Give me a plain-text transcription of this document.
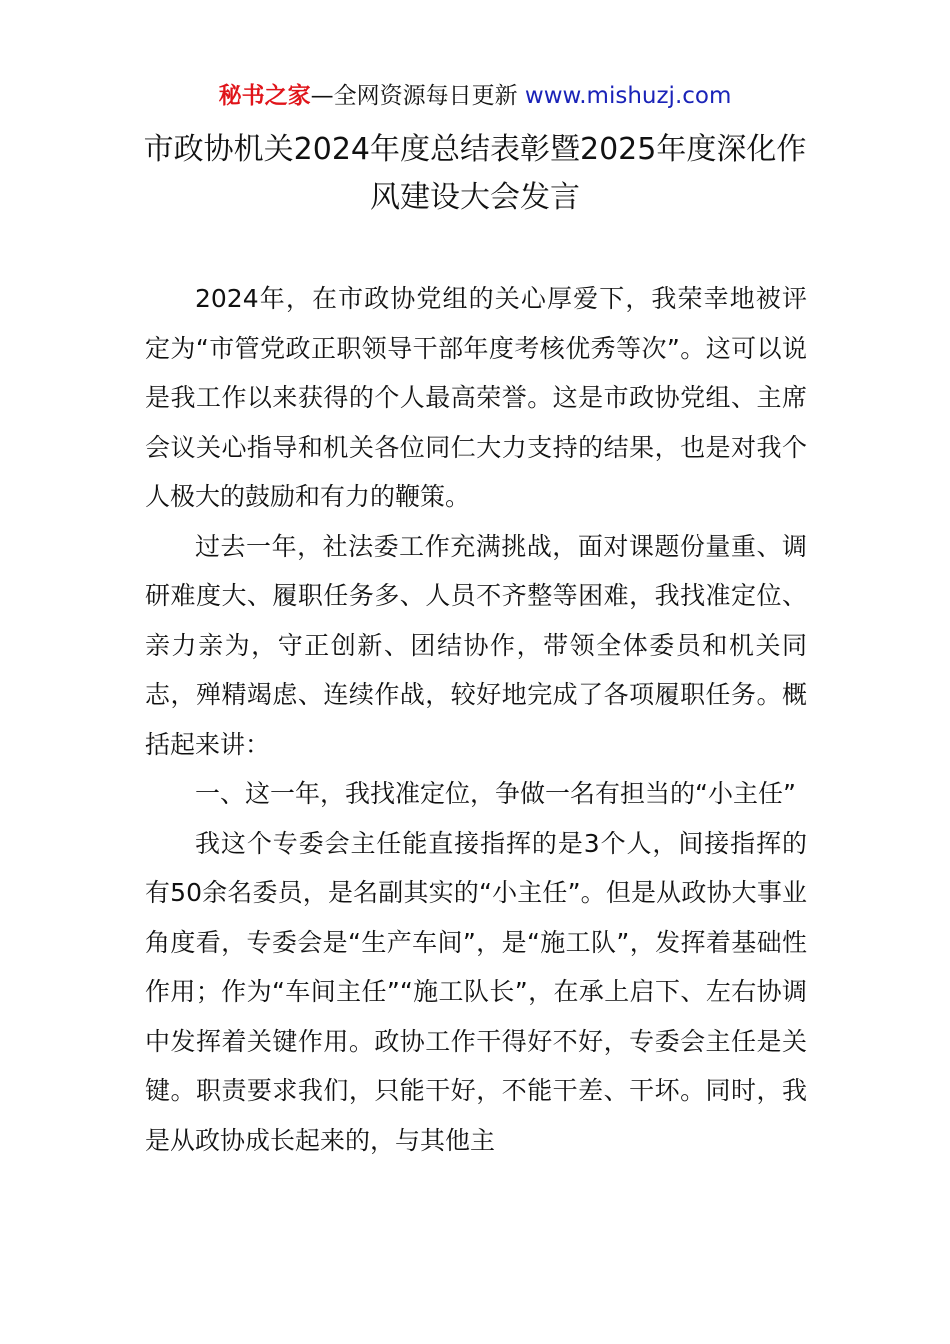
秘书之家—全网资源每日更新 www.mishuzj.com
市政协机关2024年度总结表彰暨2025年度深化作风建设大会发言

2024年，在市政协党组的关心厚爱下，我荣幸地被评定为“市管党政正职领导干部年度考核优秀等次”。这可以说是我工作以来获得的个人最高荣誉。这是市政协党组、主席会议关心指导和机关各位同仁大力支持的结果，也是对我个人极大的鼓励和有力的鞭策。

过去一年，社法委工作充满挑战，面对课题份量重、调研难度大、履职任务多、人员不齐整等困难，我找准定位、亲力亲为，守正创新、团结协作，带领全体委员和机关同志，殚精竭虑、连续作战，较好地完成了各项履职任务。概括起来讲：

一、这一年，我找准定位，争做一名有担当的“小主任”

我这个专委会主任能直接指挥的是3个人，间接指挥的有50余名委员，是名副其实的“小主任”。但是从政协大事业角度看，专委会是“生产车间”，是“施工队”，发挥着基础性作用；作为“车间主任”“施工队长”，在承上启下、左右协调中发挥着关键作用。政协工作干得好不好，专委会主任是关键。职责要求我们，只能干好，不能干差、干坏。同时，我是从政协成长起来的，与其他主
